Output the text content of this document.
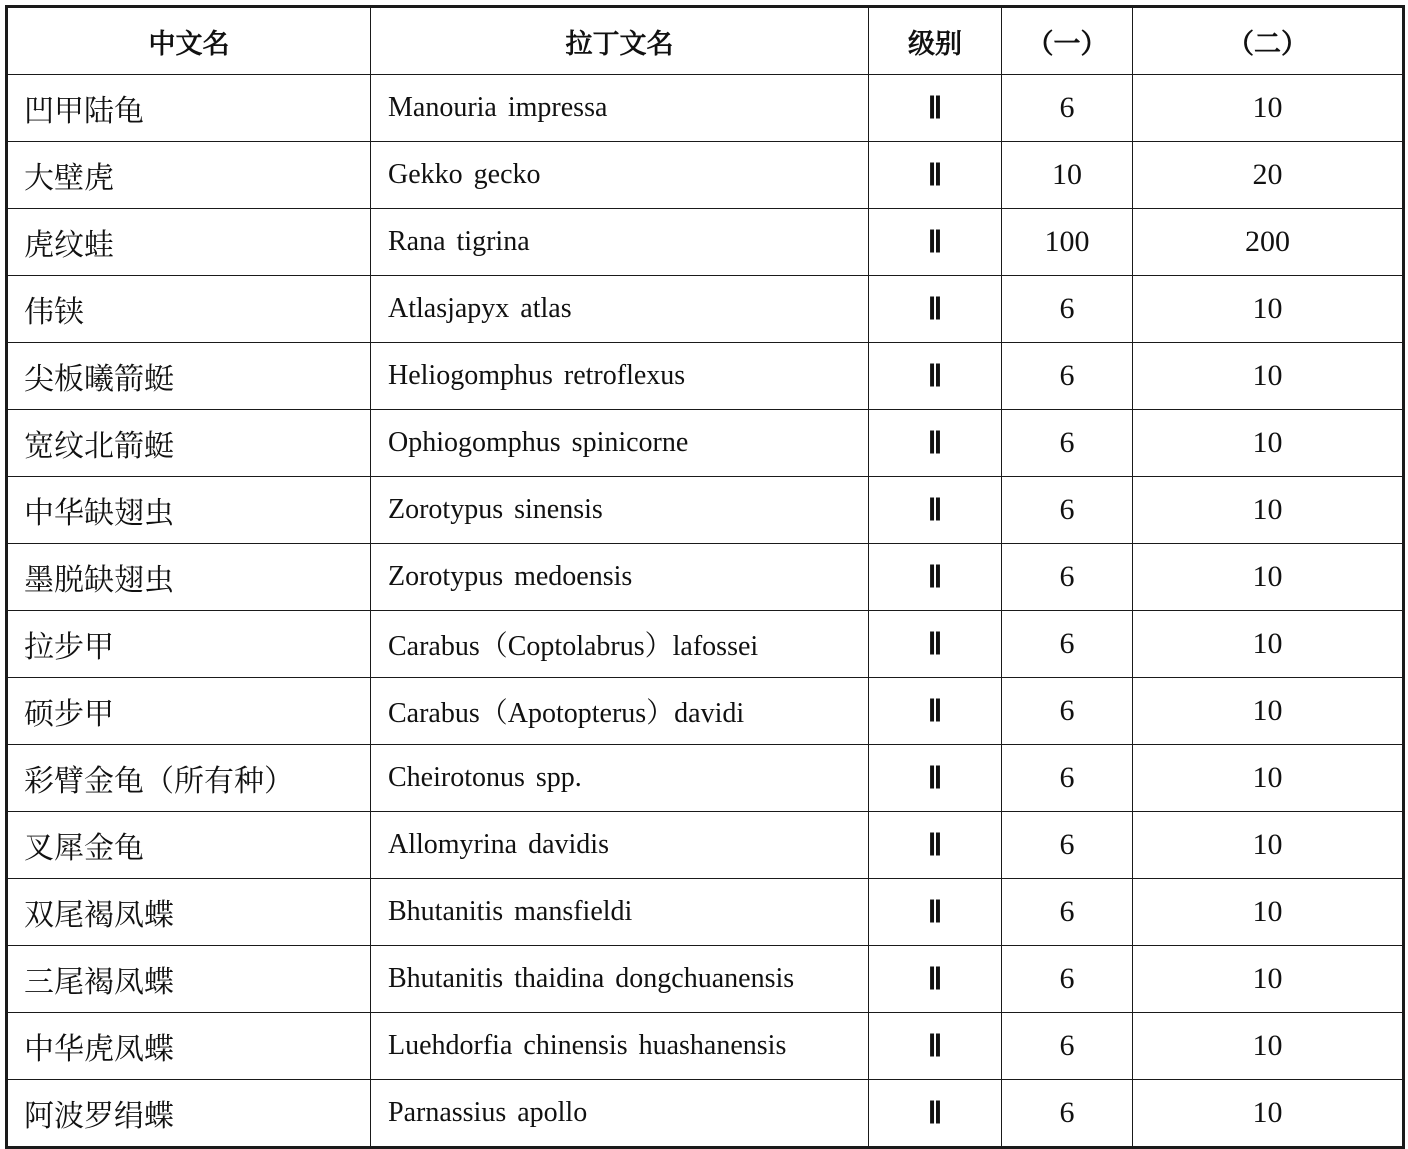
中文名	拉丁文名	级别	（一）	（二）
凹甲陆龟	Manouria impressa	Ⅱ	6	10
大壁虎	Gekko gecko	Ⅱ	10	20
虎纹蛙	Rana tigrina	Ⅱ	100	200
伟铗	Atlasjapyx atlas	Ⅱ	6	10
尖板曦箭蜓	Heliogomphus retroflexus	Ⅱ	6	10
宽纹北箭蜓	Ophiogomphus spinicorne	Ⅱ	6	10
中华缺翅虫	Zorotypus sinensis	Ⅱ	6	10
墨脱缺翅虫	Zorotypus medoensis	Ⅱ	6	10
拉步甲	Carabus（Coptolabrus）lafossei	Ⅱ	6	10
硕步甲	Carabus（Apotopterus）davidi	Ⅱ	6	10
彩臂金龟（所有种）	Cheirotonus spp.	Ⅱ	6	10
叉犀金龟	Allomyrina davidis	Ⅱ	6	10
双尾褐凤蝶	Bhutanitis mansfieldi	Ⅱ	6	10
三尾褐凤蝶	Bhutanitis thaidina dongchuanensis	Ⅱ	6	10
中华虎凤蝶	Luehdorfia chinensis huashanensis	Ⅱ	6	10
阿波罗绢蝶	Parnassius apollo	Ⅱ	6	10
